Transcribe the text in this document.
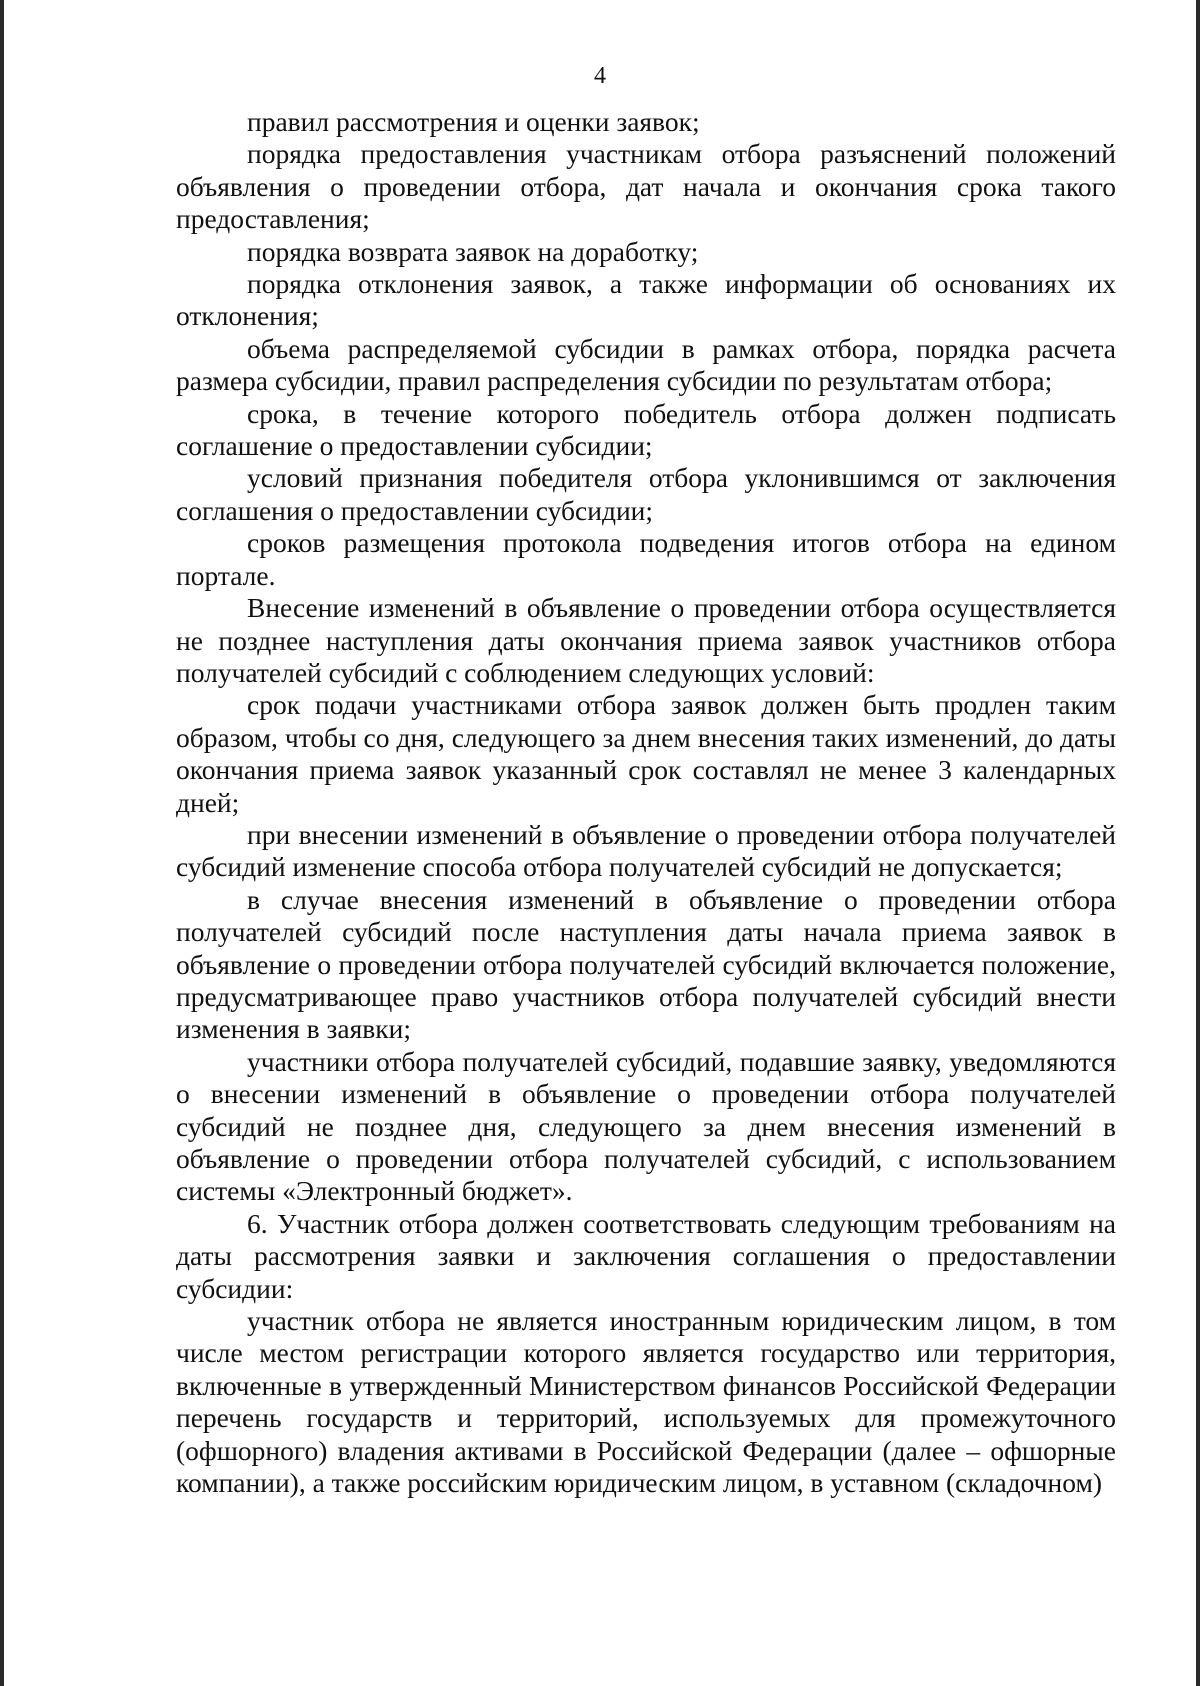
4

правил рассмотрения и оценки заявок;

порядка предоставления участникам отбора разъяснений положений объявления о проведении отбора, дат начала и окончания срока такого предоставления;

порядка возврата заявок на доработку;

порядка отклонения заявок, а также информации об основаниях их отклонения;

объема распределяемой субсидии в рамках отбора, порядка расчета размера субсидии, правил распределения субсидии по результатам отбора;

срока, в течение которого победитель отбора должен подписать соглашение о предоставлении субсидии;

условий признания победителя отбора уклонившимся от заключения соглашения о предоставлении субсидии;

сроков размещения протокола подведения итогов отбора на едином портале.

Внесение изменений в объявление о проведении отбора осуществляется не позднее наступления даты окончания приема заявок участников отбора получателей субсидий с соблюдением следующих условий:

срок подачи участниками отбора заявок должен быть продлен таким образом, чтобы со дня, следующего за днем внесения таких изменений, до даты окончания приема заявок указанный срок составлял не менее 3 календарных дней;

при внесении изменений в объявление о проведении отбора получателей субсидий изменение способа отбора получателей субсидий не допускается;

в случае внесения изменений в объявление о проведении отбора получателей субсидий после наступления даты начала приема заявок в объявление о проведении отбора получателей субсидий включается положение, предусматривающее право участников отбора получателей субсидий внести изменения в заявки;

участники отбора получателей субсидий, подавшие заявку, уведомляются о внесении изменений в объявление о проведении отбора получателей субсидий не позднее дня, следующего за днем внесения изменений в объявление о проведении отбора получателей субсидий, с использованием системы «Электронный бюджет».

6. Участник отбора должен соответствовать следующим требованиям на даты рассмотрения заявки и заключения соглашения о предоставлении субсидии:

участник отбора не является иностранным юридическим лицом, в том числе местом регистрации которого является государство или территория, включенные в утвержденный Министерством финансов Российской Федерации перечень государств и территорий, используемых для промежуточного (офшорного) владения активами в Российской Федерации (далее – офшорные компании), а также российским юридическим лицом, в уставном (складочном)
